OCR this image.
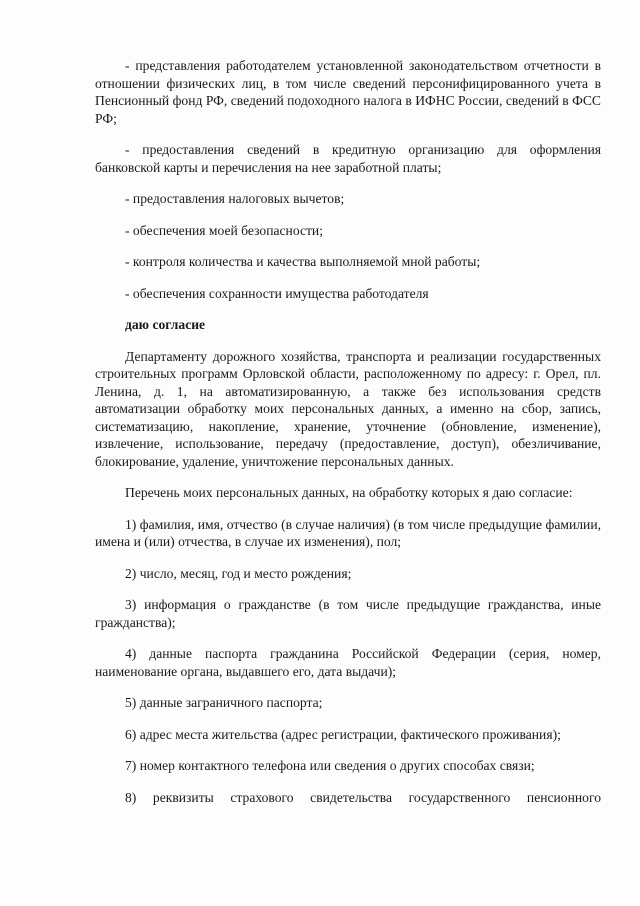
- представления работодателем установленной законодательством отчетности в отношении физических лиц, в том числе сведений персонифицированного учета в Пенсионный фонд РФ, сведений подоходного налога в ИФНС России, сведений в ФСС РФ;

- предоставления сведений в кредитную организацию для оформления банковской карты и перечисления на нее заработной платы;

- предоставления налоговых вычетов;

- обеспечения моей безопасности;

- контроля количества и качества выполняемой мной работы;

- обеспечения сохранности имущества работодателя

даю согласие

Департаменту дорожного хозяйства, транспорта и реализации государственных строительных программ Орловской области, расположенному по адресу: г. Орел, пл. Ленина, д. 1, на автоматизированную, а также без использования средств автоматизации обработку моих персональных данных, а именно на сбор, запись, систематизацию, накопление, хранение, уточнение (обновление, изменение), извлечение, использование, передачу (предоставление, доступ), обезличивание, блокирование, удаление, уничтожение персональных данных.

Перечень моих персональных данных, на обработку которых я даю согласие:

1) фамилия, имя, отчество (в случае наличия) (в том числе предыдущие фамилии, имена и (или) отчества, в случае их изменения), пол;

2) число, месяц, год и место рождения;

3) информация о гражданстве (в том числе предыдущие гражданства, иные гражданства);

4) данные паспорта гражданина Российской Федерации (серия, номер, наименование органа, выдавшего его, дата выдачи);

5) данные заграничного паспорта;

6) адрес места жительства (адрес регистрации, фактического проживания);

7) номер контактного телефона или сведения о других способах связи;

8) реквизиты страхового свидетельства государственного пенсионного
